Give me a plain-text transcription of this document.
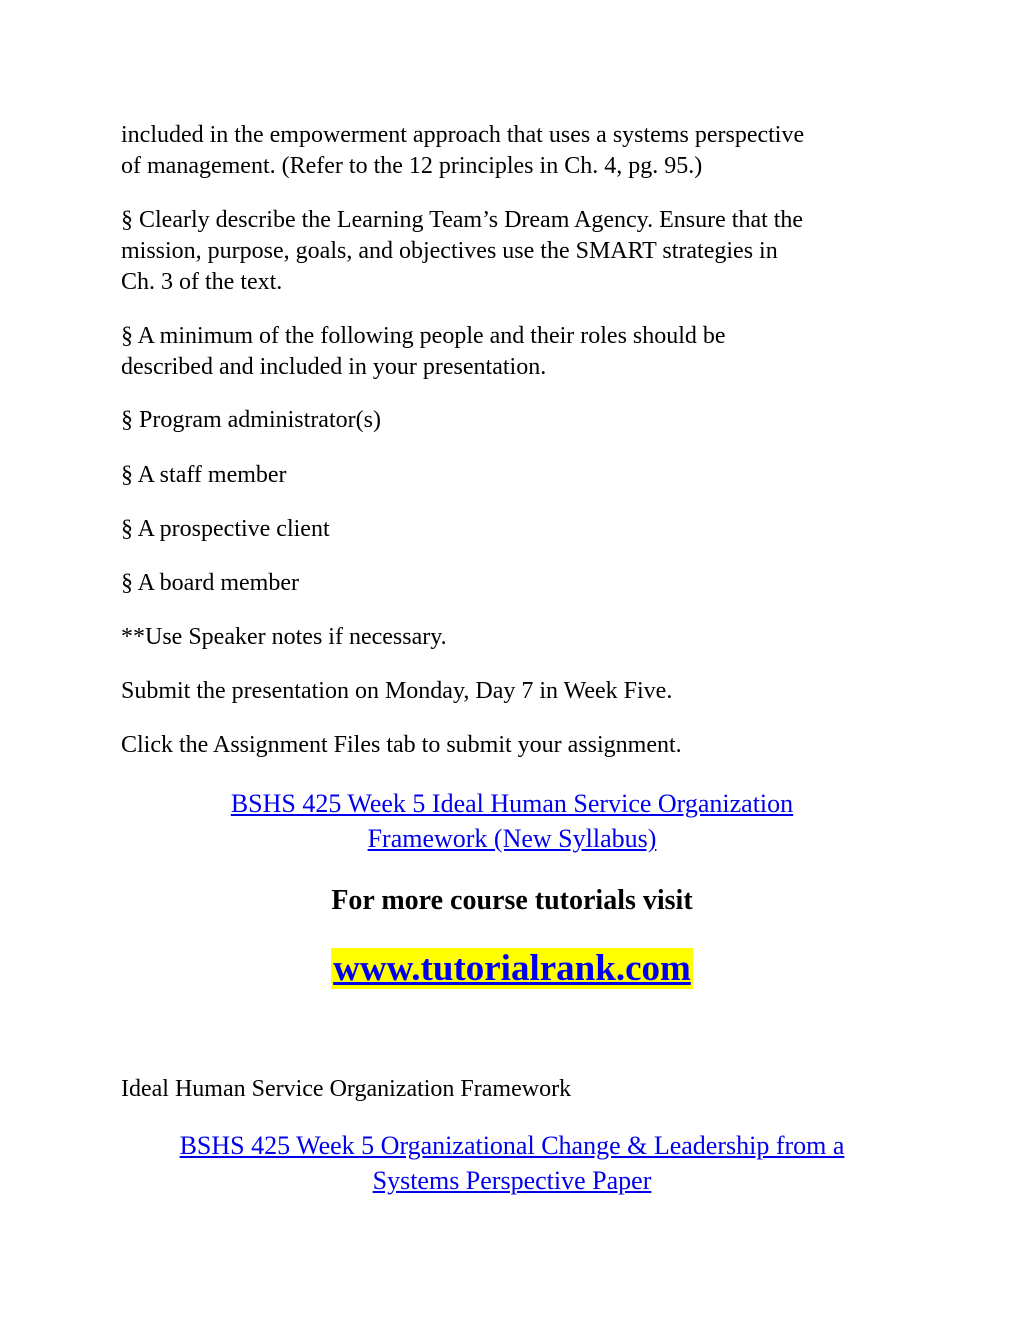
included in the empowerment approach that uses a systems perspective
of management. (Refer to the 12 principles in Ch. 4, pg. 95.)

§ Clearly describe the Learning Team’s Dream Agency. Ensure that the
mission, purpose, goals, and objectives use the SMART strategies in
Ch. 3 of the text.

§ A minimum of the following people and their roles should be
described and included in your presentation.

§ Program administrator(s)

§ A staff member

§ A prospective client

§ A board member

**Use Speaker notes if necessary.

Submit the presentation on Monday, Day 7 in Week Five.

Click the Assignment Files tab to submit your assignment.

BSHS 425 Week 5 Ideal Human Service Organization
Framework (New Syllabus)

For more course tutorials visit

www.tutorialrank.com

Ideal Human Service Organization Framework

BSHS 425 Week 5 Organizational Change & Leadership from a
Systems Perspective Paper
